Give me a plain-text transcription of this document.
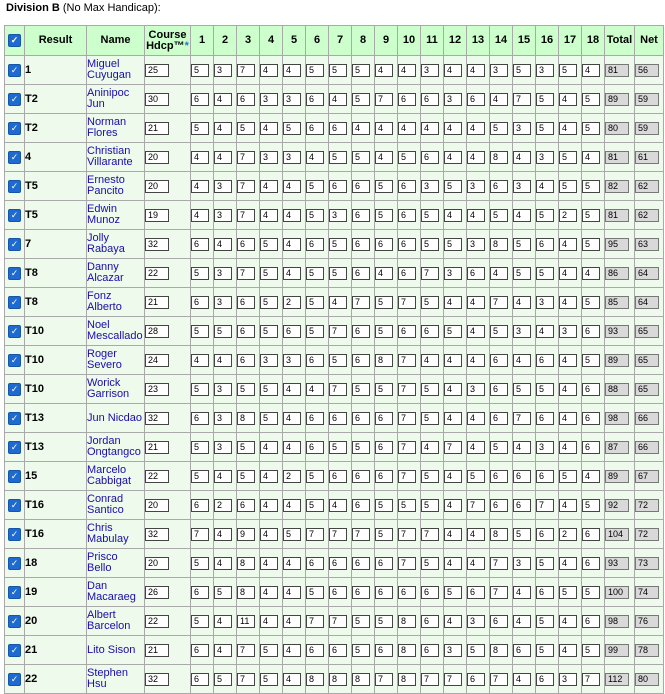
Division B (No Max Handicap):
✓	Result	Name	Course
Hdcp™*	1	2	3	4	5	6	7	8	9	10	11	12	13	14	15	16	17	18	Total	Net
✓	1	Miguel
Cuyugan	25	5	3	7	4	4	5	5	5	4	4	3	4	4	3	5	3	5	4	81	56
✓	T2	Aninipoc
Jun	30	6	4	6	3	3	6	4	5	7	6	6	3	6	4	7	5	4	5	89	59
✓	T2	Norman
Flores	21	5	4	5	4	5	6	6	4	4	4	4	4	4	5	3	5	4	5	80	59
✓	4	Christian
Villarante	20	4	4	7	3	3	4	5	5	4	5	6	4	4	8	4	3	5	4	81	61
✓	T5	Ernesto
Pancito	20	4	3	7	4	4	5	6	6	5	6	3	5	3	6	3	4	5	5	82	62
✓	T5	Edwin
Munoz	19	4	3	7	4	4	5	3	6	5	6	5	4	4	5	4	5	2	5	81	62
✓	7	Jolly
Rabaya	32	6	4	6	5	4	6	5	6	6	6	5	5	3	8	5	6	4	5	95	63
✓	T8	Danny
Alcazar	22	5	3	7	5	4	5	5	6	4	6	7	3	6	4	5	5	4	4	86	64
✓	T8	Fonz
Alberto	21	6	3	6	5	2	5	4	7	5	7	5	4	4	7	4	3	4	5	85	64
✓	T10	Noel
Mescallado	28	5	5	6	5	6	5	7	6	5	6	6	5	4	5	3	4	3	6	93	65
✓	T10	Roger
Severo	24	4	4	6	3	3	6	5	6	8	7	4	4	4	6	4	6	4	5	89	65
✓	T10	Worick
Garrison	23	5	3	5	5	4	4	7	5	5	7	5	4	3	6	5	5	4	6	88	65
✓	T13	Jun Nicdao	32	6	3	8	5	4	6	6	6	6	7	5	4	4	6	7	6	4	6	98	66
✓	T13	Jordan
Ongtangco	21	5	3	5	4	4	6	5	5	6	7	4	7	4	5	4	3	4	6	87	66
✓	15	Marcelo
Cabbigat	22	5	4	5	4	2	5	6	6	6	7	5	4	5	6	6	6	5	4	89	67
✓	T16	Conrad
Santico	20	6	2	6	4	4	5	4	6	5	5	5	4	7	6	6	7	4	5	92	72
✓	T16	Chris
Mabulay	32	7	4	9	4	5	7	7	7	5	7	7	4	4	8	5	6	2	6	104	72
✓	18	Prisco
Bello	20	5	4	8	4	4	6	6	6	6	7	5	4	4	7	3	5	4	6	93	73
✓	19	Dan
Macaraeg	26	6	5	8	4	4	5	6	6	6	6	6	5	6	7	4	6	5	5	100	74
✓	20	Albert
Barcelon	22	5	4	11	4	4	7	7	5	5	8	6	4	3	6	4	5	4	6	98	76
✓	21	Lito Sison	21	6	4	7	5	4	6	6	5	6	8	6	3	5	8	6	5	4	5	99	78
✓	22	Stephen
Hsu	32	6	5	7	5	4	8	8	8	7	8	7	7	6	7	4	6	3	7	112	80
